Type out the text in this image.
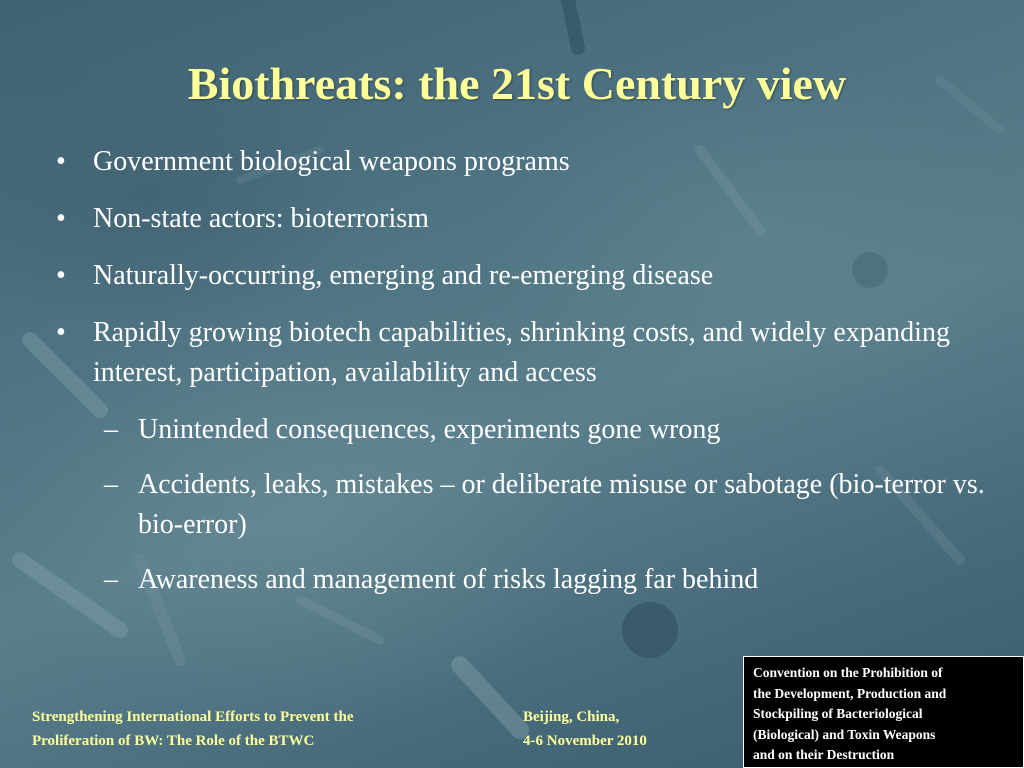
Biothreats: the 21st Century view
• Government biological weapons programs
• Non-state actors: bioterrorism
• Naturally-occurring, emerging and re-emerging disease
• Rapidly growing biotech capabilities, shrinking costs, and widely expanding interest, participation, availability and access
– Unintended consequences, experiments gone wrong
– Accidents, leaks, mistakes – or deliberate misuse or sabotage (bio-terror vs. bio-error)
– Awareness and management of risks lagging far behind
Strengthening International Efforts to Prevent the
Proliferation of BW: The Role of the BTWC
Beijing, China,
4-6 November 2010
Convention on the Prohibition of
the Development, Production and
Stockpiling of Bacteriological
(Biological) and Toxin Weapons
and on their Destruction
